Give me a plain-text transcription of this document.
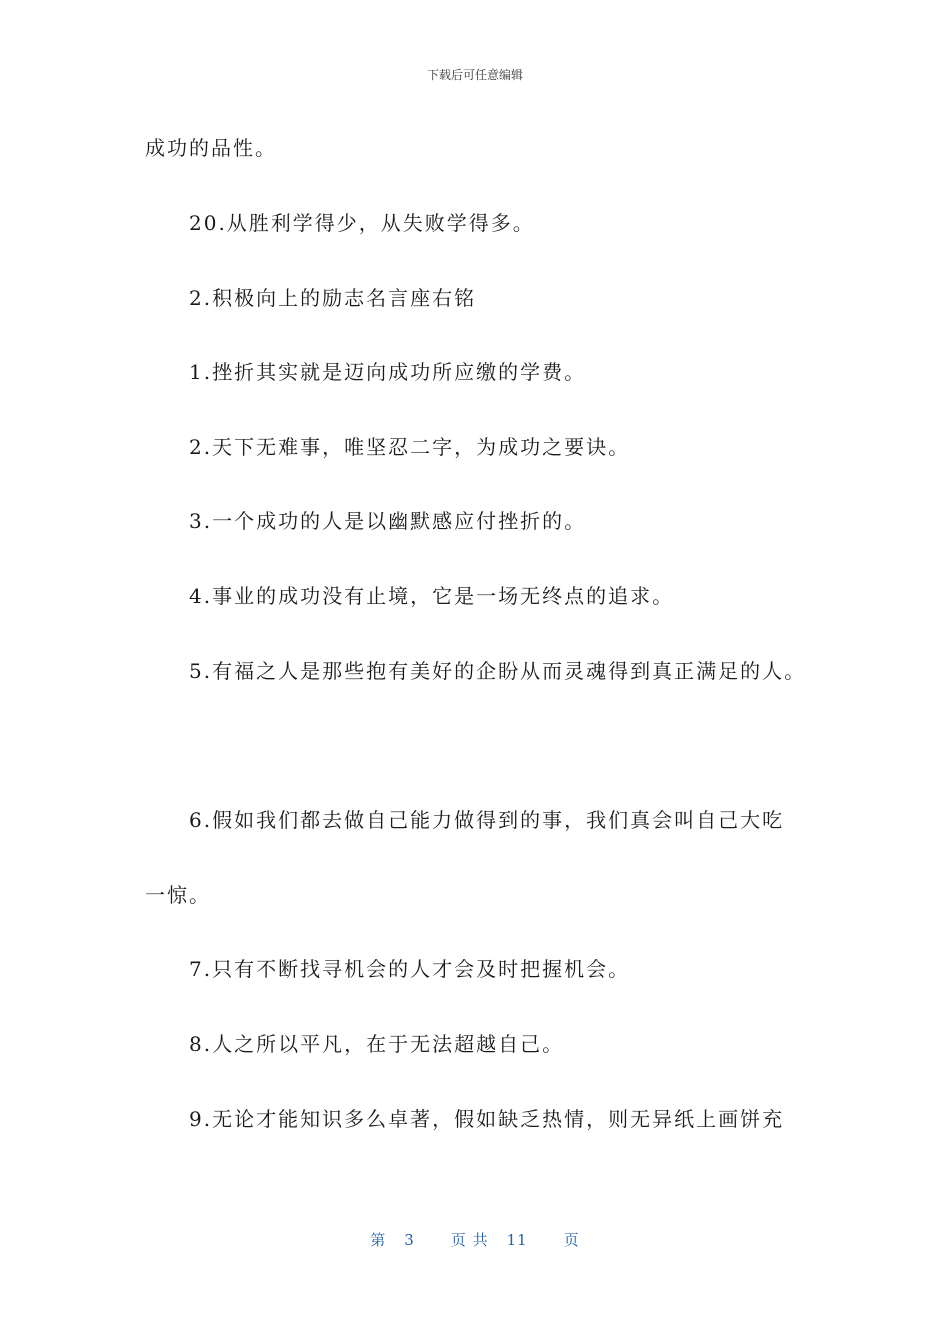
下载后可任意编辑
成功的品性。
20.从胜利学得少，从失败学得多。
2.积极向上的励志名言座右铭
1.挫折其实就是迈向成功所应缴的学费。
2.天下无难事，唯坚忍二字，为成功之要诀。
3.一个成功的人是以幽默感应付挫折的。
4.事业的成功没有止境，它是一场无终点的追求。
5.有福之人是那些抱有美好的企盼从而灵魂得到真正满足的人。
6.假如我们都去做自己能力做得到的事，我们真会叫自己大吃
一惊。
7.只有不断找寻机会的人才会及时把握机会。
8.人之所以平凡，在于无法超越自己。
9.无论才能知识多么卓著，假如缺乏热情，则无异纸上画饼充
第 3 页 共 11 页
